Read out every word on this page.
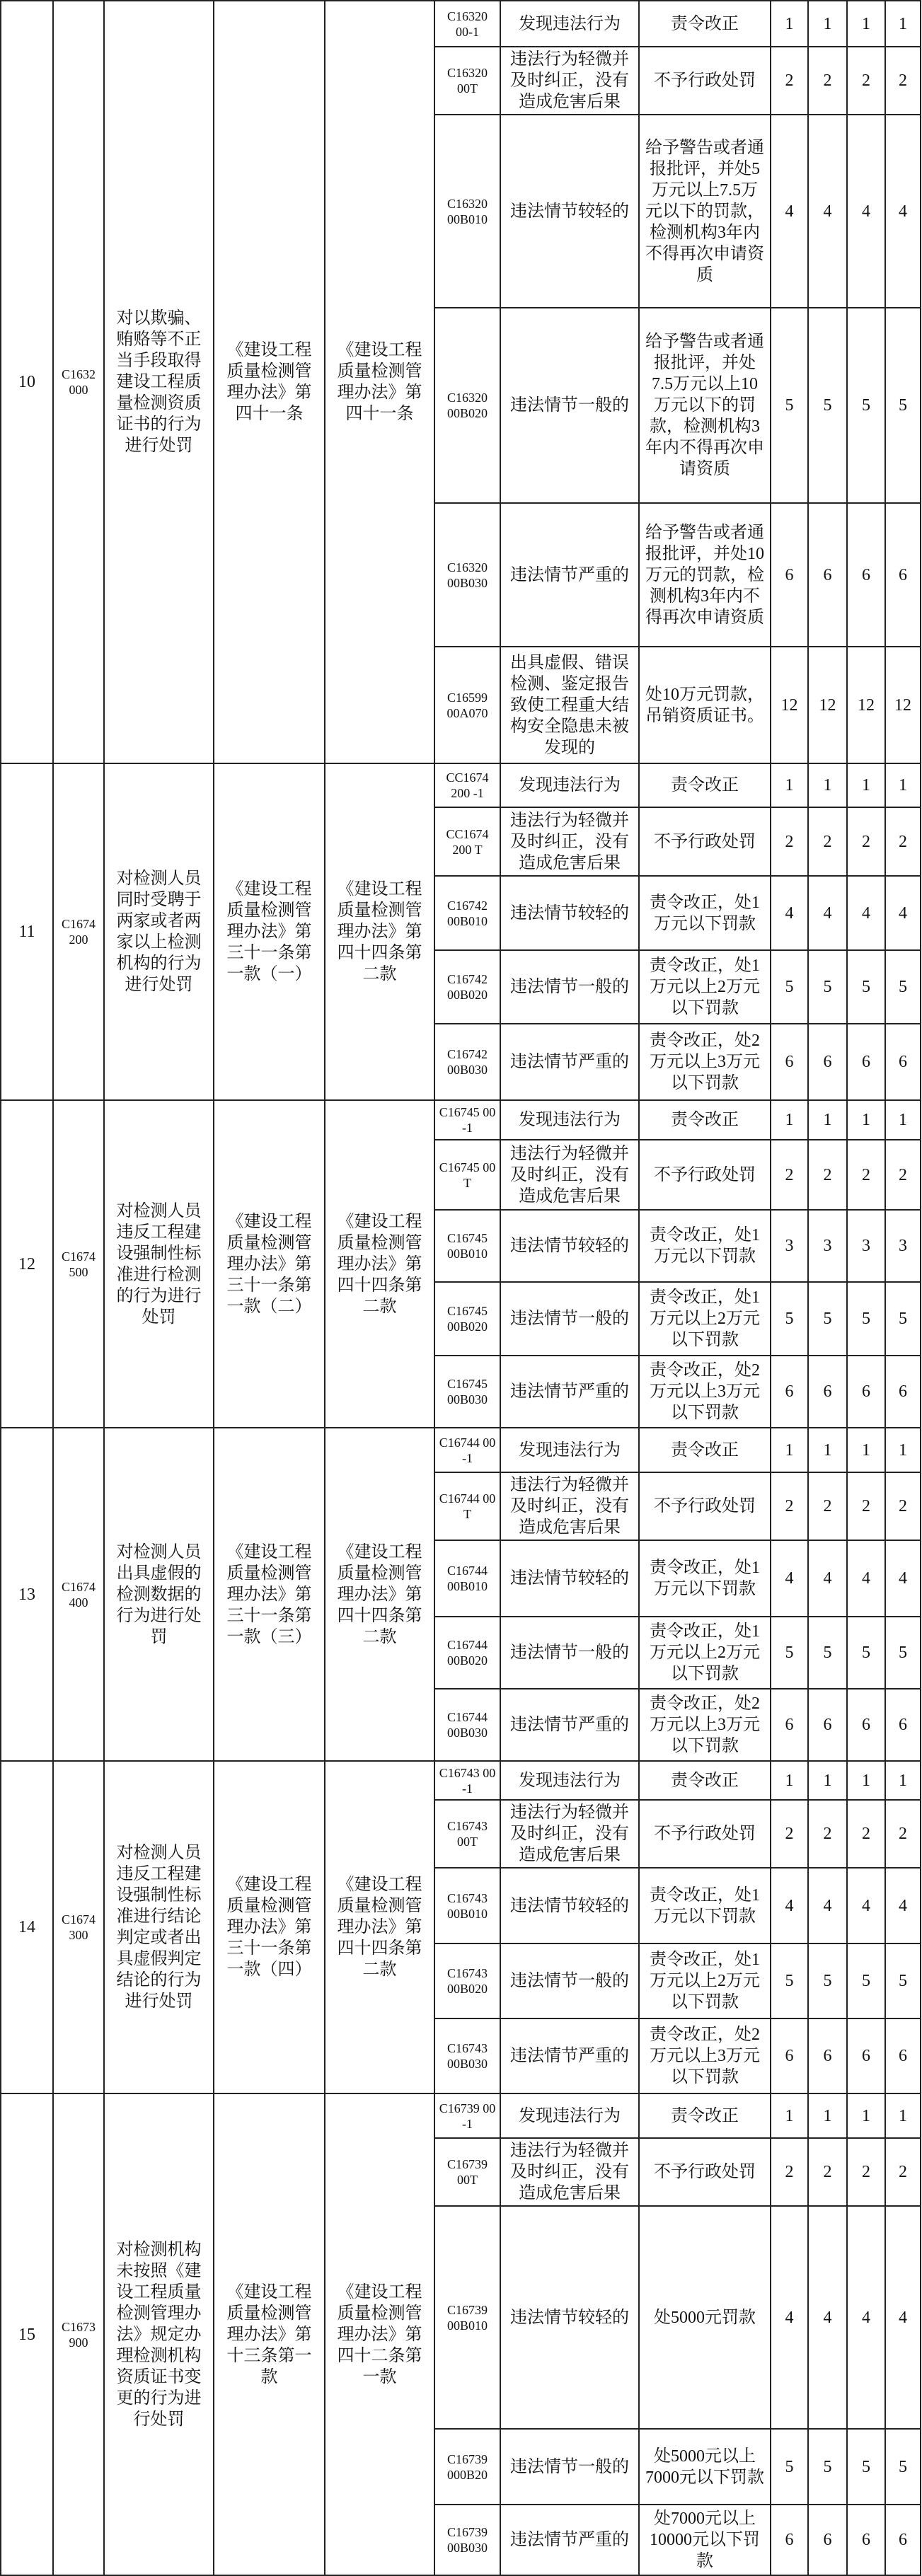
10	C1632 000	对以欺骗、贿赂等不正当手段取得建设工程质量检测资质证书的行为进行处罚	《建设工程质量检测管理办法》第四十一条	《建设工程质量检测管理办法》第四十一条	C16320 00-1	发现违法行为	责令改正	1	1	1	1
					C16320 00T	违法行为轻微并及时纠正，没有造成危害后果	不予行政处罚	2	2	2	2
					C16320 00B010	违法情节较轻的	给予警告或者通报批评，并处5万元以上7.5万元以下的罚款，检测机构3年内不得再次申请资质	4	4	4	4
					C16320 00B020	违法情节一般的	给予警告或者通报批评，并处7.5万元以上10万元以下的罚款，检测机构3年内不得再次申请资质	5	5	5	5
					C16320 00B030	违法情节严重的	给予警告或者通报批评，并处10万元的罚款，检测机构3年内不得再次申请资质	6	6	6	6
					C16599 00A070	出具虚假、错误检测、鉴定报告致使工程重大结构安全隐患未被发现的	处10万元罚款，吊销资质证书。	12	12	12	12
11	C1674 200	对检测人员同时受聘于两家或者两家以上检测机构的行为进行处罚	《建设工程质量检测管理办法》第三十一条第一款（一）	《建设工程质量检测管理办法》第四十四条第二款	CC1674 200 -1	发现违法行为	责令改正	1	1	1	1
					CC1674 200 T	违法行为轻微并及时纠正，没有造成危害后果	不予行政处罚	2	2	2	2
					C16742 00B010	违法情节较轻的	责令改正，处1万元以下罚款	4	4	4	4
					C16742 00B020	违法情节一般的	责令改正，处1万元以上2万元以下罚款	5	5	5	5
					C16742 00B030	违法情节严重的	责令改正，处2万元以上3万元以下罚款	6	6	6	6
12	C1674 500	对检测人员违反工程建设强制性标准进行检测的行为进行处罚	《建设工程质量检测管理办法》第三十一条第一款（二）	《建设工程质量检测管理办法》第四十四条第二款	C16745 00 -1	发现违法行为	责令改正	1	1	1	1
					C16745 00 T	违法行为轻微并及时纠正，没有造成危害后果	不予行政处罚	2	2	2	2
					C16745 00B010	违法情节较轻的	责令改正，处1万元以下罚款	3	3	3	3
					C16745 00B020	违法情节一般的	责令改正，处1万元以上2万元以下罚款	5	5	5	5
					C16745 00B030	违法情节严重的	责令改正，处2万元以上3万元以下罚款	6	6	6	6
13	C1674 400	对检测人员出具虚假的检测数据的行为进行处罚	《建设工程质量检测管理办法》第三十一条第一款（三）	《建设工程质量检测管理办法》第四十四条第二款	C16744 00 -1	发现违法行为	责令改正	1	1	1	1
					C16744 00 T	违法行为轻微并及时纠正，没有造成危害后果	不予行政处罚	2	2	2	2
					C16744 00B010	违法情节较轻的	责令改正，处1万元以下罚款	4	4	4	4
					C16744 00B020	违法情节一般的	责令改正，处1万元以上2万元以下罚款	5	5	5	5
					C16744 00B030	违法情节严重的	责令改正，处2万元以上3万元以下罚款	6	6	6	6
14	C1674 300	对检测人员违反工程建设强制性标准进行结论判定或者出具虚假判定结论的行为进行处罚	《建设工程质量检测管理办法》第三十一条第一款（四）	《建设工程质量检测管理办法》第四十四条第二款	C16743 00 -1	发现违法行为	责令改正	1	1	1	1
					C16743 00T	违法行为轻微并及时纠正，没有造成危害后果	不予行政处罚	2	2	2	2
					C16743 00B010	违法情节较轻的	责令改正，处1万元以下罚款	4	4	4	4
					C16743 00B020	违法情节一般的	责令改正，处1万元以上2万元以下罚款	5	5	5	5
					C16743 00B030	违法情节严重的	责令改正，处2万元以上3万元以下罚款	6	6	6	6
15	C1673 900	对检测机构未按照《建设工程质量检测管理办法》规定办理检测机构资质证书变更的行为进行处罚	《建设工程质量检测管理办法》第十三条第一款	《建设工程质量检测管理办法》第四十二条第一款	C16739 00 -1	发现违法行为	责令改正	1	1	1	1
					C16739 00T	违法行为轻微并及时纠正，没有造成危害后果	不予行政处罚	2	2	2	2
					C16739 00B010	违法情节较轻的	处5000元罚款	4	4	4	4
					C16739 000B20	违法情节一般的	处5000元以上7000元以下罚款	5	5	5	5
					C16739 00B030	违法情节严重的	处7000元以上10000元以下罚款	6	6	6	6
